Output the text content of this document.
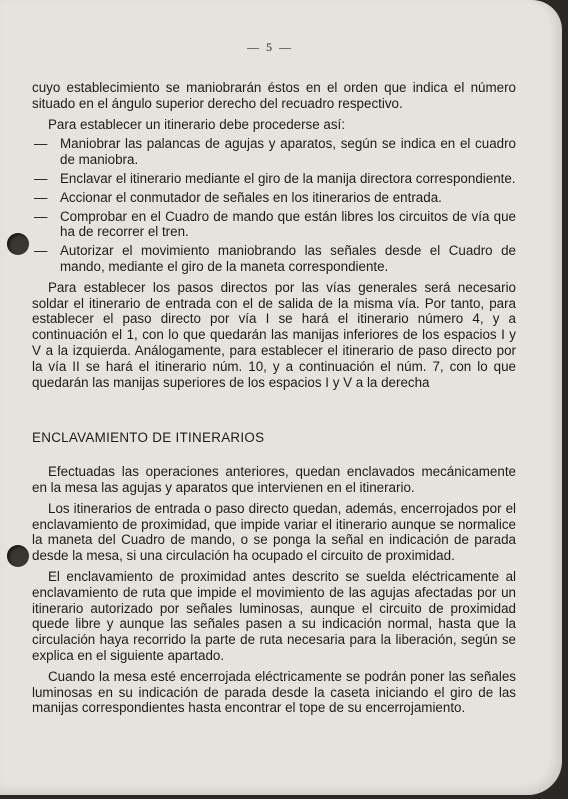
— 5 —

cuyo establecimiento se maniobrarán éstos en el orden que indica el número situado en el ángulo superior derecho del recuadro respectivo.

Para establecer un itinerario debe procederse así:

— Maniobrar las palancas de agujas y aparatos, según se indica en el cuadro de maniobra.
— Enclavar el itinerario mediante el giro de la manija directora correspondiente.
— Accionar el conmutador de señales en los itinerarios de entrada.
— Comprobar en el Cuadro de mando que están libres los circuitos de vía que ha de recorrer el tren.
— Autorizar el movimiento maniobrando las señales desde el Cuadro de mando, mediante el giro de la maneta correspondiente.

Para establecer los pasos directos por las vías generales será necesario soldar el itinerario de entrada con el de salida de la misma vía. Por tanto, para establecer el paso directo por vía I se hará el itinerario número 4, y a continuación el 1, con lo que quedarán las manijas inferiores de los espacios I y V a la izquierda. Análogamente, para establecer el itinerario de paso directo por la vía II se hará el itinerario núm. 10, y a continuación el núm. 7, con lo que quedarán las manijas superiores de los espacios I y V a la derecha

ENCLAVAMIENTO DE ITINERARIOS

Efectuadas las operaciones anteriores, quedan enclavados mecánicamente en la mesa las agujas y aparatos que intervienen en el itinerario.

Los itinerarios de entrada o paso directo quedan, además, encerrojados por el enclavamiento de proximidad, que impide variar el itinerario aunque se normalice la maneta del Cuadro de mando, o se ponga la señal en indicación de parada desde la mesa, si una circulación ha ocupado el circuito de proximidad.

El enclavamiento de proximidad antes descrito se suelda eléctricamente al enclavamiento de ruta que impide el movimiento de las agujas afectadas por un itinerario autorizado por señales luminosas, aunque el circuito de proximidad quede libre y aunque las señales pasen a su indicación normal, hasta que la circulación haya recorrido la parte de ruta necesaria para la liberación, según se explica en el siguiente apartado.

Cuando la mesa esté encerrojada eléctricamente se podrán poner las señales luminosas en su indicación de parada desde la caseta iniciando el giro de las manijas correspondientes hasta encontrar el tope de su encerrojamiento.
